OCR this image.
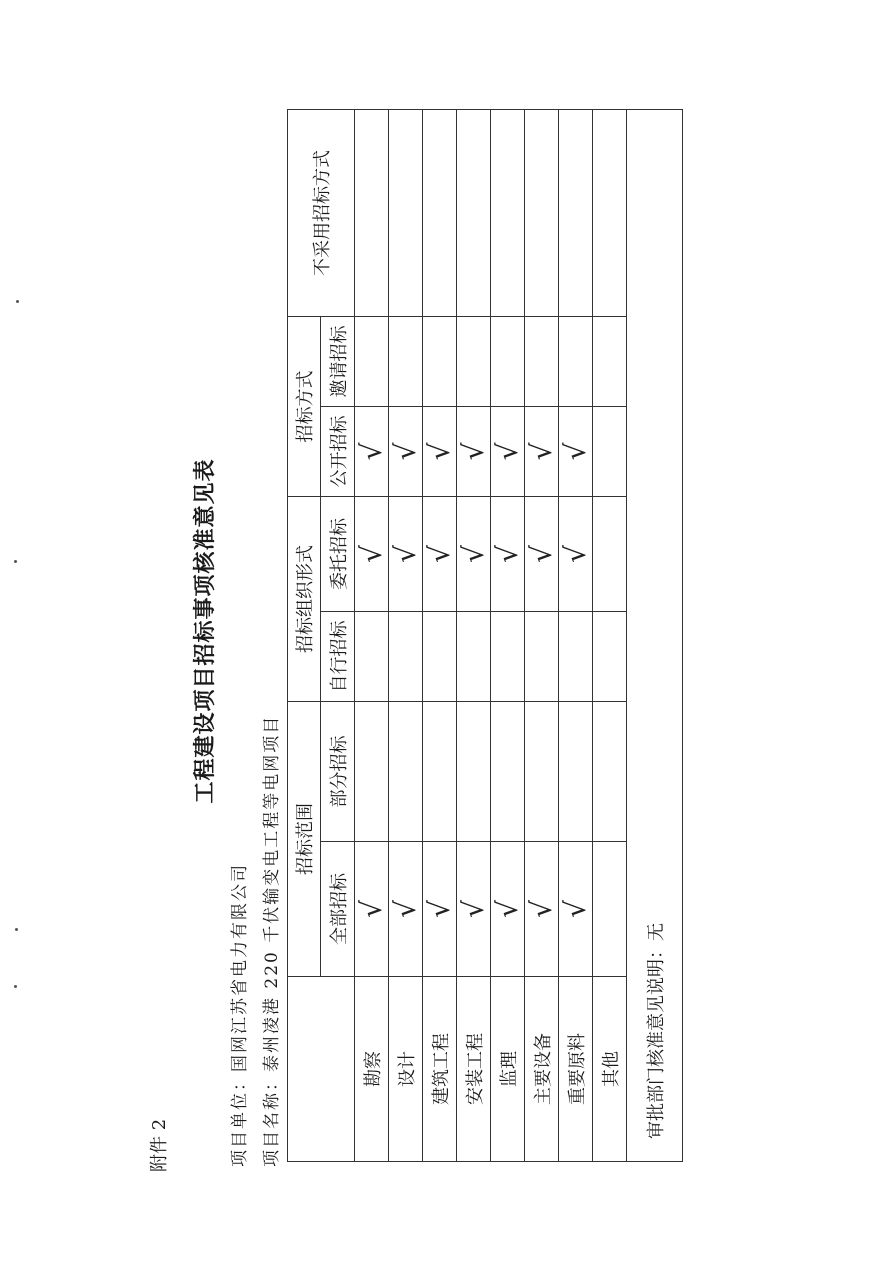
附件 2
工程建设项目招标事项核准意见表
项目单位：国网江苏省电力有限公司 项目名称：泰州凌港 220 千伏输变电工程等电网项目
	招标范围		招标组织形式		招标方式		不采用招标方式
	全部招标	部分招标	自行招标	委托招标	公开招标	邀请招标	
勘察	√			√	√		
设计	√			√	√		
建筑工程	√			√	√		
安装工程	√			√	√		
监理	√			√	√		
主要设备	√			√	√		
重要原料	√			√	√		
其他							
审批部门核准意见说明：无							
